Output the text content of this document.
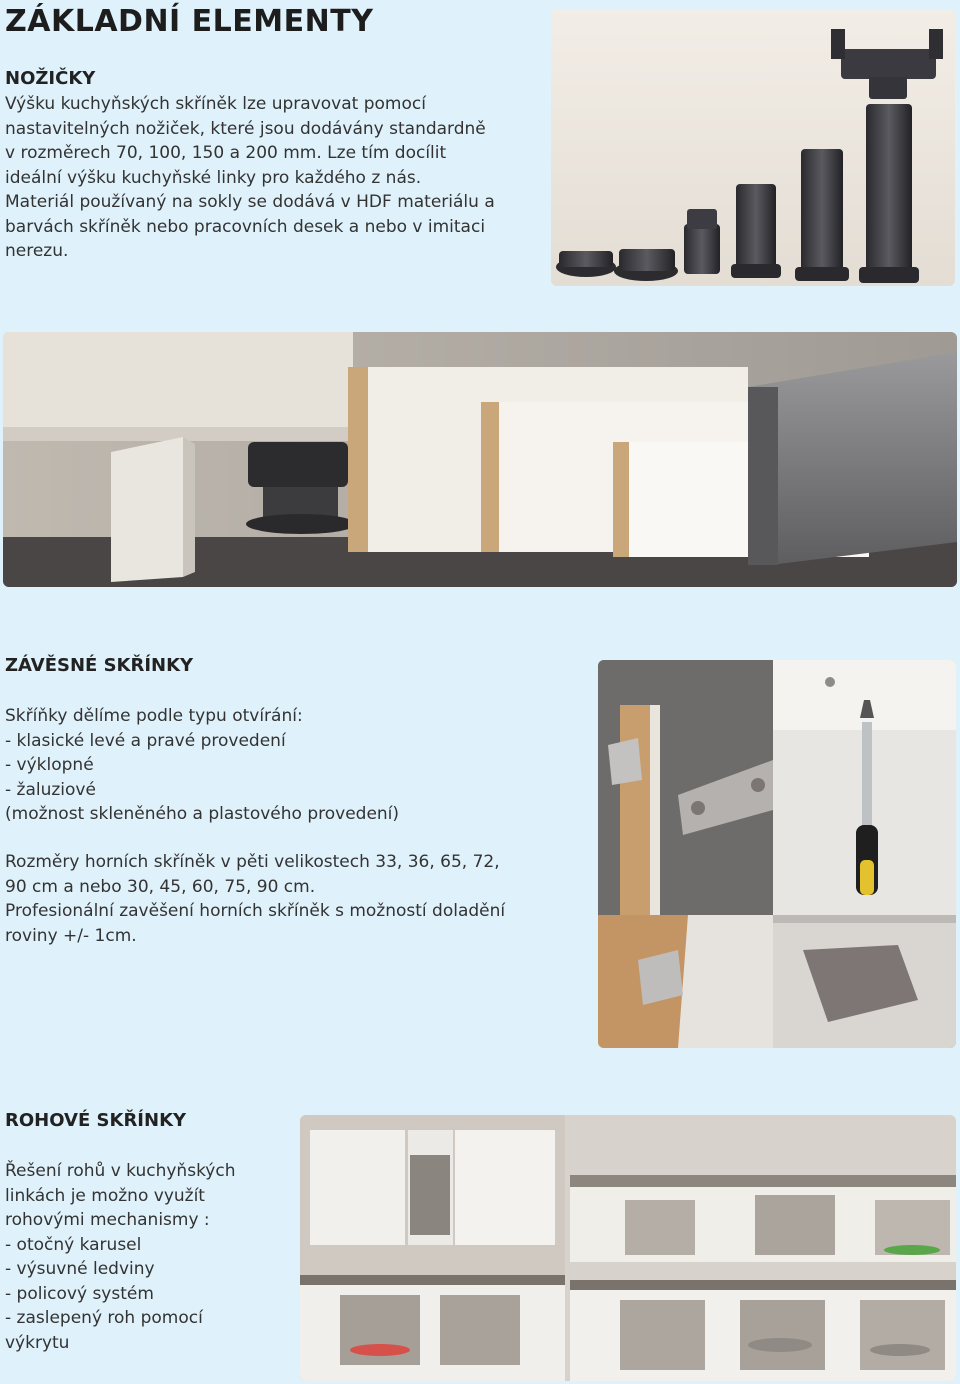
ZÁKLADNÍ ELEMENTY
NOŽIČKY
Výšku kuchyňských skříněk lze upravovat pomocí
nastavitelných nožiček, které jsou dodávány standardně
v rozměrech 70, 100, 150 a 200 mm. Lze tím docílit
ideální výšku kuchyňské linky pro každého z nás.
Materiál používaný na sokly se dodává v HDF materiálu a
barvách skříněk nebo pracovních desek a nebo v imitaci
nerezu.
ZÁVĚSNÉ SKŘÍNKY
Skříňky dělíme podle typu otvírání:
- klasické levé a pravé provedení
- výklopné
- žaluziové
(možnost skleněného a plastového provedení)
Rozměry horních skříněk v pěti velikostech 33, 36, 65, 72,
90 cm a nebo 30, 45, 60, 75, 90 cm.
Profesionální zavěšení horních skříněk s možností doladění
roviny +/- 1cm.
ROHOVÉ SKŘÍNKY
Řešení rohů v kuchyňských
linkách je možno využít
rohovými mechanismy :
- otočný karusel
- výsuvné ledviny
- policový systém
- zaslepený roh pomocí
výkrytu
